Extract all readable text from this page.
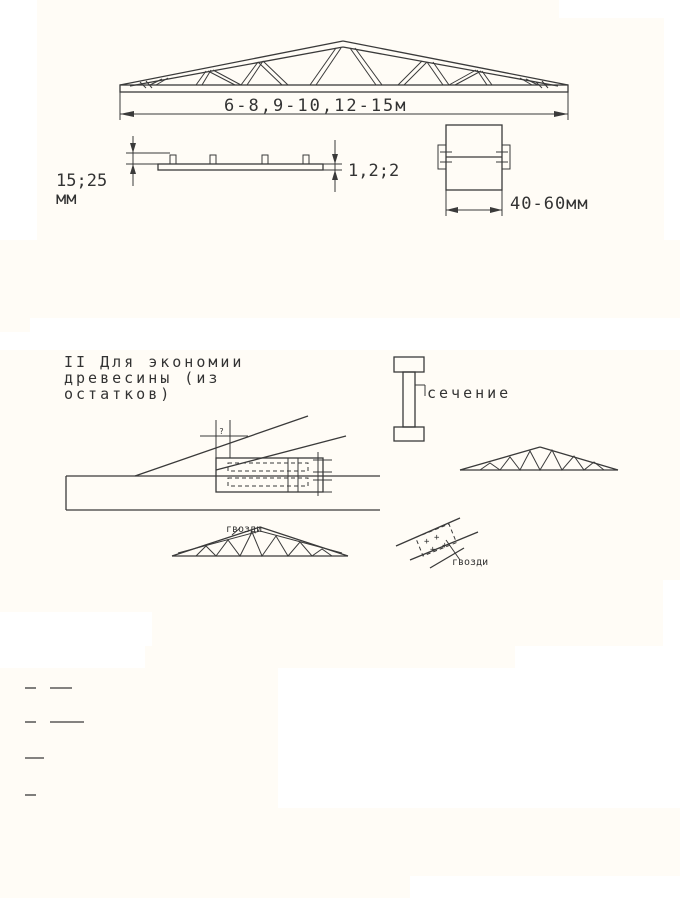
6-8,9-10,12-15м
15;25
мм
1,2;2
40-60мм
II Для экономии
древесины (из
остатков)	сечение
?
гвозди
+ +
+
+
гвозди
